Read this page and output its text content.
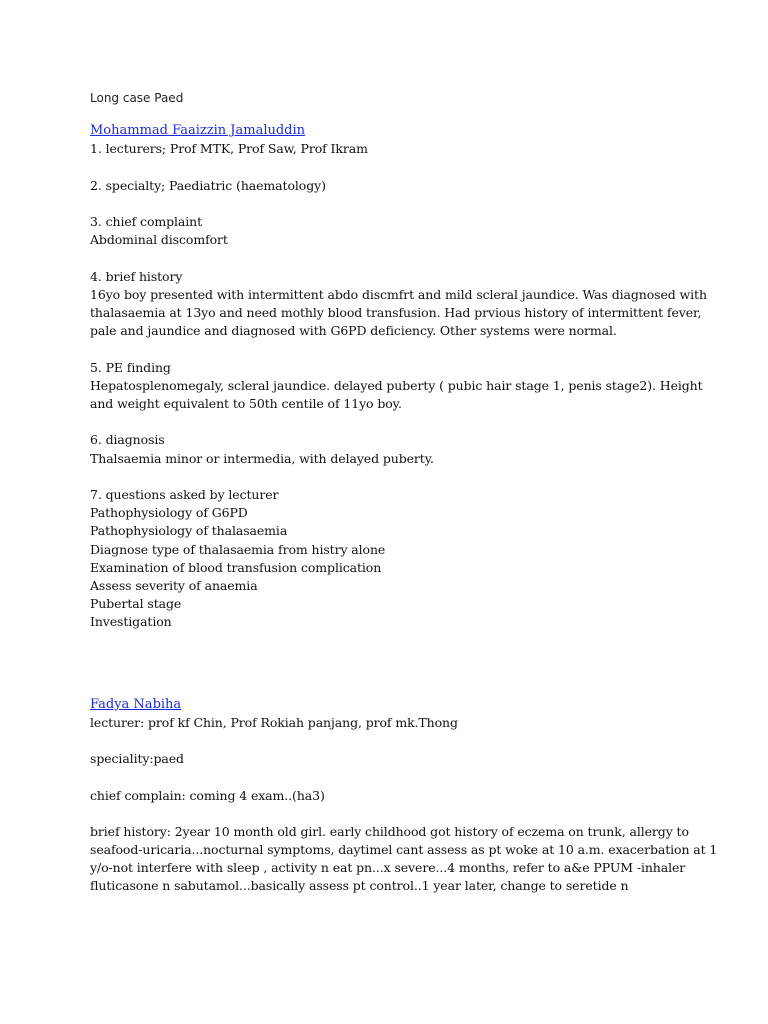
Long case Paed
Mohammad Faaizzin Jamaluddin
1. lecturers; Prof MTK, Prof Saw, Prof Ikram
2. specialty; Paediatric (haematology)
3. chief complaint
Abdominal discomfort
4. brief history
16yo boy presented with intermittent abdo discmfrt and mild scleral jaundice. Was diagnosed with
thalasaemia at 13yo and need mothly blood transfusion. Had prvious history of intermittent fever,
pale and jaundice and diagnosed with G6PD deficiency. Other systems were normal.
5. PE finding
Hepatosplenomegaly, scleral jaundice. delayed puberty ( pubic hair stage 1, penis stage2). Height
and weight equivalent to 50th centile of 11yo boy.
6. diagnosis
Thalsaemia minor or intermedia, with delayed puberty.
7. questions asked by lecturer
Pathophysiology of G6PD
Pathophysiology of thalasaemia
Diagnose type of thalasaemia from histry alone
Examination of blood transfusion complication
Assess severity of anaemia
Pubertal stage
Investigation
Fadya Nabiha
lecturer: prof kf Chin, Prof Rokiah panjang, prof mk.Thong
speciality:paed
chief complain: coming 4 exam..(ha3)
brief history: 2year 10 month old girl. early childhood got history of eczema on trunk, allergy to
seafood-uricaria...nocturnal symptoms, daytimel cant assess as pt woke at 10 a.m. exacerbation at 1
y/o-not interfere with sleep , activity n eat pn...x severe...4 months, refer to a&e PPUM -inhaler
fluticasone n sabutamol...basically assess pt control..1 year later, change to seretide n
